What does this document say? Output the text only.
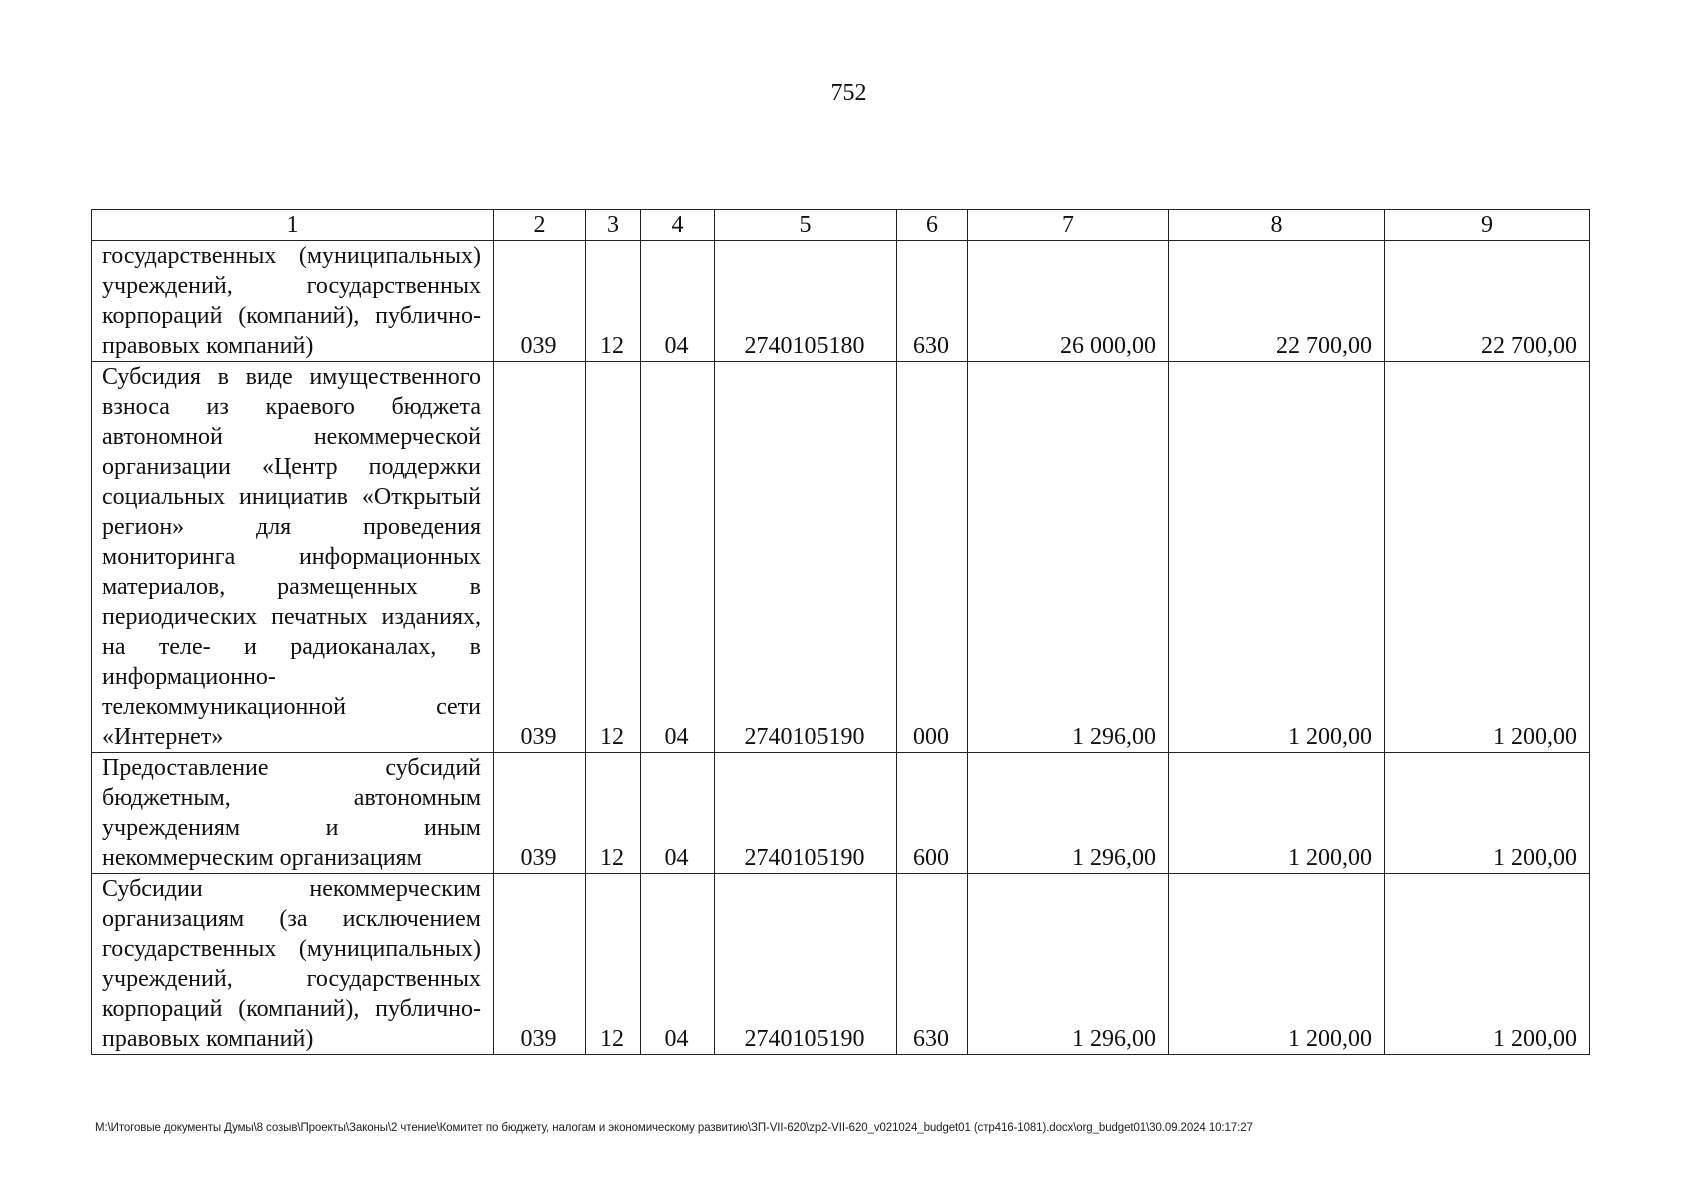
752
1	2	3	4	5	6	7	8	9
государственных (муниципальных) учреждений, государственных корпораций (компаний), публично-правовых компаний)	039	12	04	2740105180	630	26 000,00	22 700,00	22 700,00
Субсидия в виде имущественного взноса из краевого бюджета автономной некоммерческой организации «Центр поддержки социальных инициатив «Открытый регион» для проведения мониторинга информационных материалов, размещенных в периодических печатных изданиях, на теле- и радиоканалах, в информационно-телекоммуникационной сети «Интернет»	039	12	04	2740105190	000	1 296,00	1 200,00	1 200,00
Предоставление субсидий бюджетным, автономным учреждениям и иным некоммерческим организациям	039	12	04	2740105190	600	1 296,00	1 200,00	1 200,00
Субсидии некоммерческим организациям (за исключением государственных (муниципальных) учреждений, государственных корпораций (компаний), публично-правовых компаний)	039	12	04	2740105190	630	1 296,00	1 200,00	1 200,00
M:\Итоговые документы Думы\8 созыв\Проекты\Законы\2 чтение\Комитет по бюджету, налогам и экономическому развитию\ЗП-VII-620\zp2-VII-620_v021024_budget01 (стр416-1081).docx\org_budget01\30.09.2024 10:17:27
